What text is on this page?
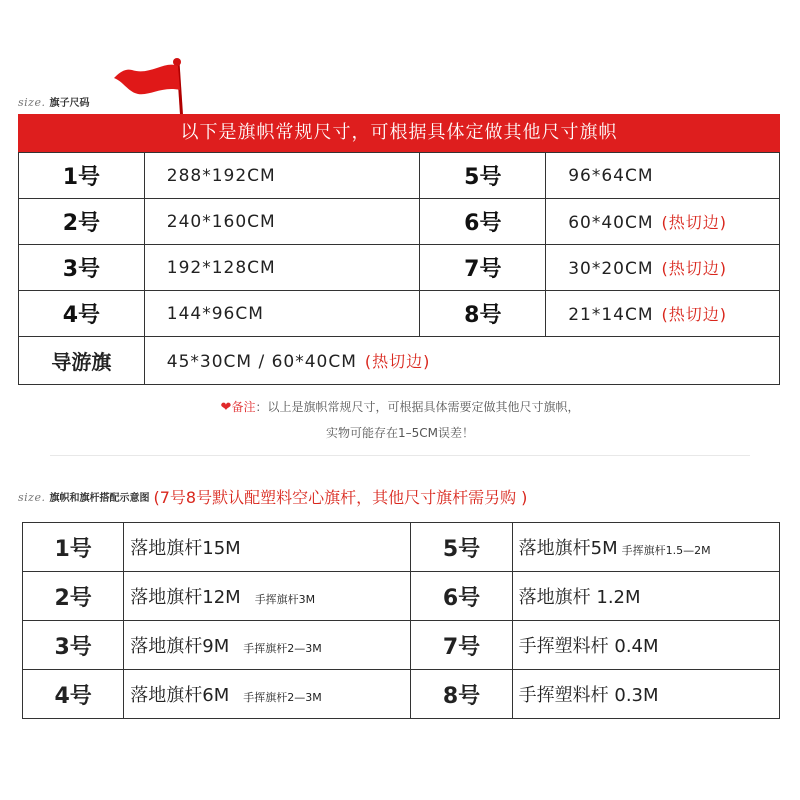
size. 旗子尺码
以下是旗帜常规尺寸，可根据具体定做其他尺寸旗帜
1号	288*192CM	5号	96*64CM
2号	240*160CM	6号	60*40CM (热切边)
3号	192*128CM	7号	30*20CM (热切边)
4号	144*96CM	8号	21*14CM (热切边)
导游旗	45*30CM / 60*40CM (热切边)		
❤备注：以上是旗帜常规尺寸，可根据具体需要定做其他尺寸旗帜，
实物可能存在1–5CM误差！
size. 旗帜和旗杆搭配示意图 (7号8号默认配塑料空心旗杆，其他尺寸旗杆需另购 )
1号	落地旗杆15M	5号	落地旗杆5M 手挥旗杆1.5—2M
2号	落地旗杆12M 手挥旗杆3M	6号	落地旗杆 1.2M
3号	落地旗杆9M 手挥旗杆2—3M	7号	手挥塑料杆 0.4M
4号	落地旗杆6M 手挥旗杆2—3M	8号	手挥塑料杆 0.3M
